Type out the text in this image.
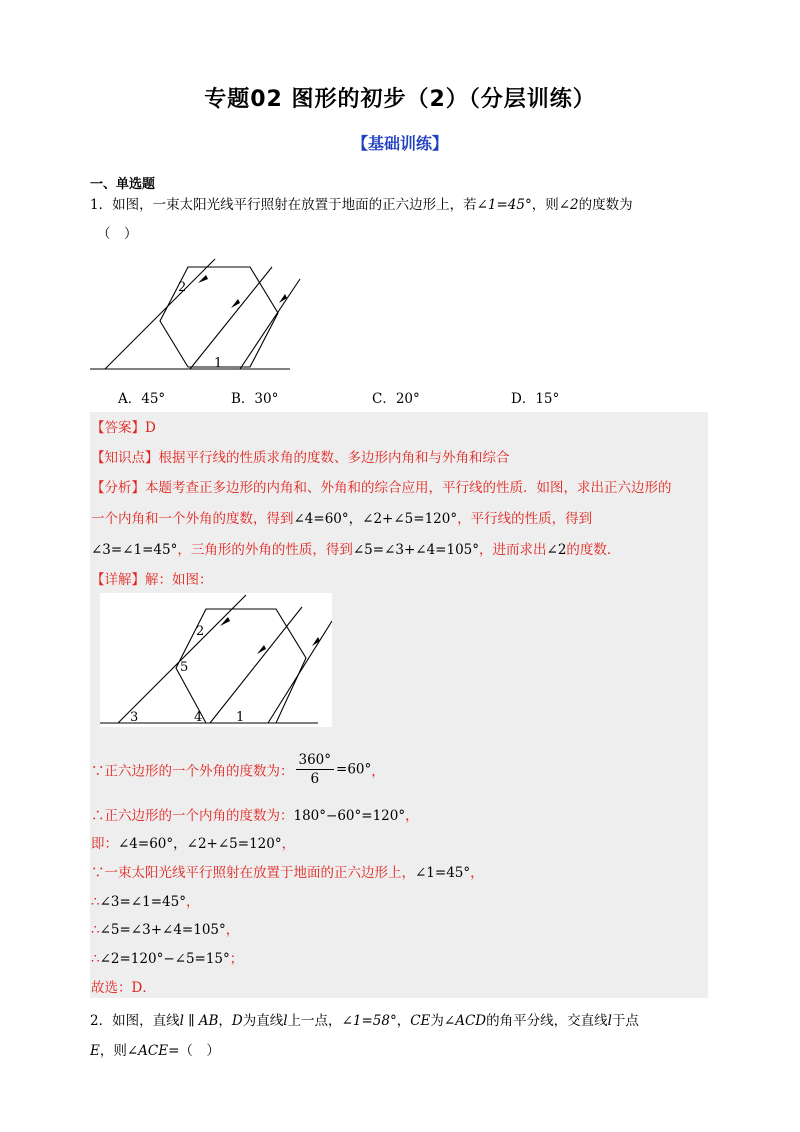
专题02 图形的初步（2）（分层训练）
【基础训练】
一、单选题
1．如图，一束太阳光线平行照射在放置于地面的正六边形上，若∠1=45°，则∠2的度数为
（　）
2
1
A．45°	B．30°	C．20°	D．15°
【答案】D
【知识点】根据平行线的性质求角的度数、多边形内角和与外角和综合
【分析】本题考查正多边形的内角和、外角和的综合应用，平行线的性质．如图，求出正六边形的
一个内角和一个外角的度数，得到∠4=60°，∠2+∠5=120°，平行线的性质，得到
∠3=∠1=45°，三角形的外角的性质，得到∠5=∠3+∠4=105°，进而求出∠2的度数．
【详解】解：如图：
2
5
3	4	1
∵正六边形的一个外角的度数为： $\frac{360^\circ}{6} =60^\circ$，
∴正六边形的一个内角的度数为：180°−60°=120°，
即：∠4=60°，∠2+∠5=120°，
∵一束太阳光线平行照射在放置于地面的正六边形上，∠1=45°，
∴∠3=∠1=45°，
∴∠5=∠3+∠4=105°，
∴∠2=120°−∠5=15°；
故选：D．
2．如图，直线l ∥ AB，D为直线l上一点，∠1=58°，CE为∠ACD的角平分线，交直线l于点
E，则∠ACE=（　）
